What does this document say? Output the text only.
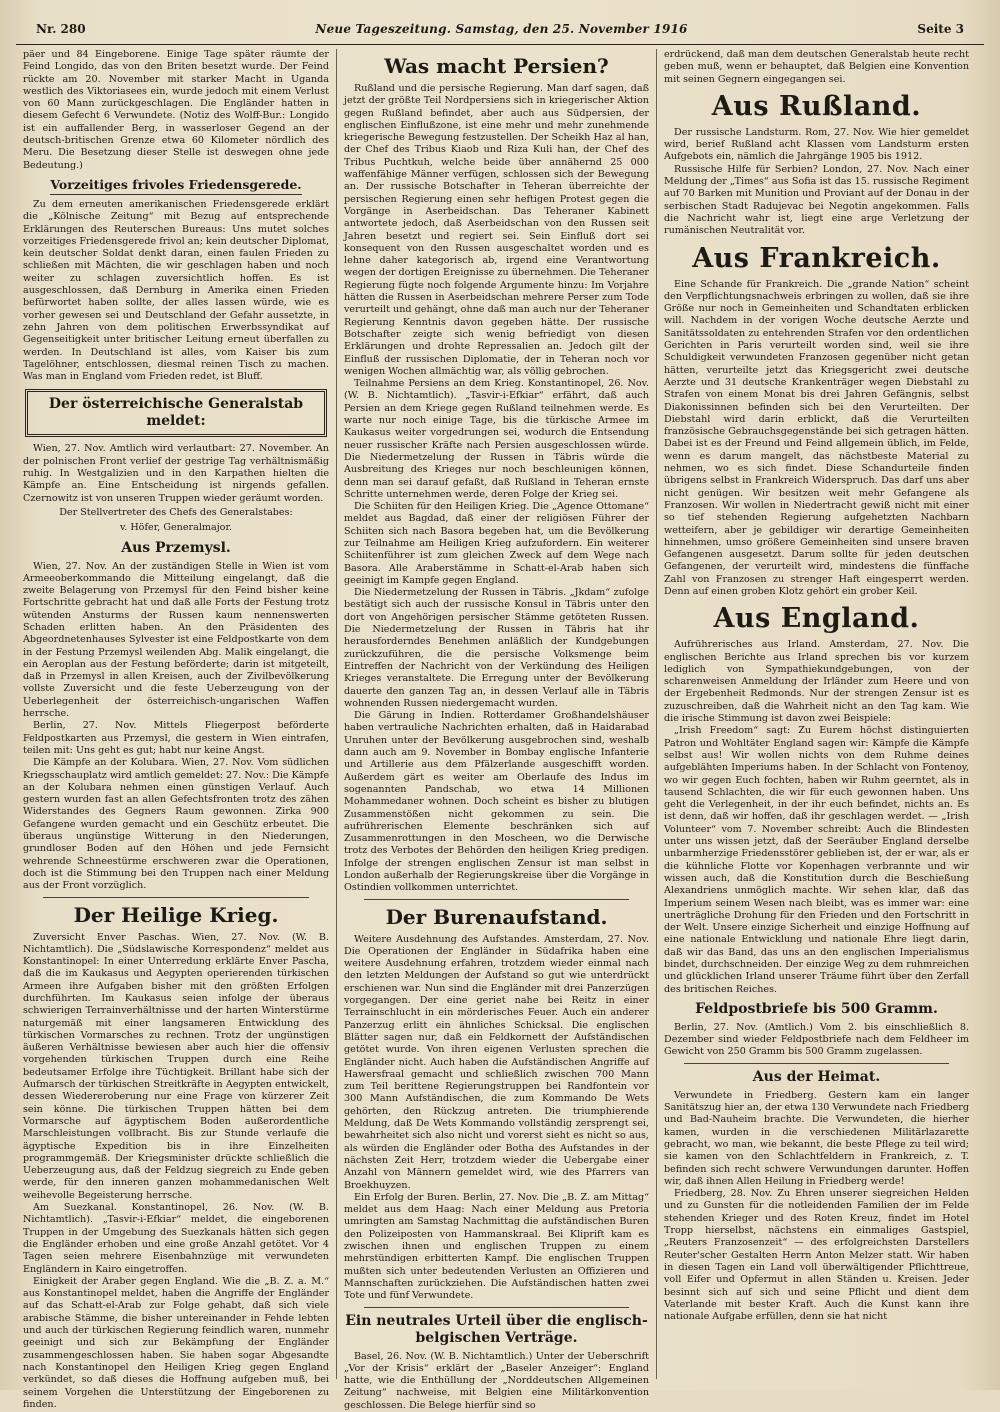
Nr. 280	Neue Tageszeitung. Samstag, den 25. November 1916	Seite 3

päer und 84 Eingeborene. Einige Tage später räumte der Feind Longido, das von den Briten besetzt wurde. Der Feind rückte am 20. November mit starker Macht in Uganda westlich des Viktoriasees ein, wurde jedoch mit einem Verlust von 60 Mann zurückgeschlagen. Die Engländer hatten in diesem Gefecht 6 Verwundete. (Notiz des Wolff-Bur.: Longido ist ein auffallender Berg, in wasserloser Gegend an der deutsch-britischen Grenze etwa 60 Kilometer nördlich des Meru. Die Besetzung dieser Stelle ist deswegen ohne jede Bedeutung.)

Vorzeitiges frivoles Friedensgerede.

Zu dem erneuten amerikanischen Friedensgerede erklärt die „Kölnische Zeitung“ mit Bezug auf entsprechende Erklärungen des Reuterschen Bureaus: Uns mutet solches vorzeitiges Friedensgerede frivol an; kein deutscher Diplomat, kein deutscher Soldat denkt daran, einen faulen Frieden zu schließen mit Mächten, die wir geschlagen haben und noch weiter zu schlagen zuversichtlich hoffen. Es ist ausgeschlossen, daß Dernburg in Amerika einen Frieden befürwortet haben sollte, der alles lassen würde, wie es vorher gewesen sei und Deutschland der Gefahr aussetzte, in zehn Jahren von dem politischen Erwerbssyndikat auf Gegenseitigkeit unter britischer Leitung erneut überfallen zu werden. In Deutschland ist alles, vom Kaiser bis zum Tagelöhner, entschlossen, diesmal reinen Tisch zu machen. Was man in England vom Frieden redet, ist Bluff.

Der österreichische Generalstab meldet:

Wien, 27. Nov. Amtlich wird verlautbart: 27. November. An der polnischen Front verlief der gestrige Tag verhältnismäßig ruhig. In Westgalizien und in den Karpathen hielten die Kämpfe an. Eine Entscheidung ist nirgends gefallen. Czernowitz ist von unseren Truppen wieder geräumt worden.

Der Stellvertreter des Chefs des Generalstabes:
v. Höfer, Generalmajor.
Aus Przemysl.

Wien, 27. Nov. An der zuständigen Stelle in Wien ist vom Armeeoberkommando die Mitteilung eingelangt, daß die zweite Belagerung von Przemysl für den Feind bisher keine Fortschritte gebracht hat und daß alle Forts der Festung trotz wütenden Ansturms der Russen kaum nennenswerten Schaden erlitten haben. An den Präsidenten des Abgeordnetenhauses Sylvester ist eine Feldpostkarte von dem in der Festung Przemysl weilenden Abg. Malik eingelangt, die ein Aeroplan aus der Festung beförderte; darin ist mitgeteilt, daß in Przemysl in allen Kreisen, auch der Zivilbevölkerung vollste Zuversicht und die feste Ueberzeugung von der Ueberlegenheit der österreichisch-ungarischen Waffen herrsche.

Berlin, 27. Nov. Mittels Fliegerpost beförderte Feldpostkarten aus Przemysl, die gestern in Wien eintrafen, teilen mit: Uns geht es gut; habt nur keine Angst.

Die Kämpfe an der Kolubara. Wien, 27. Nov. Vom südlichen Kriegsschauplatz wird amtlich gemeldet: 27. Nov.: Die Kämpfe an der Kolubara nehmen einen günstigen Verlauf. Auch gestern wurden fast an allen Gefechtsfronten trotz des zähen Widerstandes des Gegners Raum gewonnen. Zirka 900 Gefangene wurden gemacht und ein Geschütz erbeutet. Die überaus ungünstige Witterung in den Niederungen, grundloser Boden auf den Höhen und jede Fernsicht wehrende Schneestürme erschweren zwar die Operationen, doch ist die Stimmung bei den Truppen nach einer Meldung aus der Front vorzüglich.

Der Heilige Krieg.

Zuversicht Enver Paschas. Wien, 27. Nov. (W. B. Nichtamtlich). Die „Südslawische Korrespondenz“ meldet aus Konstantinopel: In einer Unterredung erklärte Enver Pascha, daß die im Kaukasus und Aegypten operierenden türkischen Armeen ihre Aufgaben bisher mit den größten Erfolgen durchführten. Im Kaukasus seien infolge der überaus schwierigen Terrainverhältnisse und der harten Winterstürme naturgemäß mit einer langsameren Entwicklung des türkischen Vormarsches zu rechnen. Trotz der ungünstigen äußeren Verhältnisse bewiesen aber auch hier die offensiv vorgehenden türkischen Truppen durch eine Reihe bedeutsamer Erfolge ihre Tüchtigkeit. Brillant habe sich der Aufmarsch der türkischen Streitkräfte in Aegypten entwickelt, dessen Wiedereroberung nur eine Frage von kürzerer Zeit sein könne. Die türkischen Truppen hätten bei dem Vormarsche auf ägyptischem Boden außerordentliche Marschleistungen vollbracht. Bis zur Stunde verlaufe die ägyptische Expedition bis in ihre Einzelheiten programmgemäß. Der Kriegsminister drückte schließlich die Ueberzeugung aus, daß der Feldzug siegreich zu Ende geben werde, für den inneren ganzen mohammedanischen Welt weihevolle Begeisterung herrsche.

Am Suezkanal. Konstantinopel, 26. Nov. (W. B. Nichtamtlich). „Tasvir-i-Efkiar“ meldet, die eingeborenen Truppen in der Umgebung des Suezkanals hätten sich gegen die Engländer erhoben und eine große Anzahl getötet. Vor 4 Tagen seien mehrere Eisenbahnzüge mit verwundeten Engländern in Kairo eingetroffen.

Einigkeit der Araber gegen England. Wie die „B. Z. a. M.“ aus Konstantinopel meldet, haben die Angriffe der Engländer auf das Schatt-el-Arab zur Folge gehabt, daß sich viele arabische Stämme, die bisher untereinander in Fehde lebten und auch der türkischen Regierung feindlich waren, nunmehr geeinigt und sich zur Bekämpfung der Engländer zusammengeschlossen haben. Sie haben sogar Abgesandte nach Konstantinopel den Heiligen Krieg gegen England verkündet, so daß dieses die Hoffnung aufgeben muß, bei seinem Vorgehen die Unterstützung der Eingeborenen zu finden.

Was macht Persien?

Rußland und die persische Regierung. Man darf sagen, daß jetzt der größte Teil Nordpersiens sich in kriegerischer Aktion gegen Rußland befindet, aber auch aus Südpersien, der englischen Einflußzone, ist eine mehr und mehr zunehmende kriegerische Bewegung festzustellen. Der Scheikh Haz al han, der Chef des Tribus Kiaob und Riza Kuli han, der Chef des Tribus Puchtkuh, welche beide über annähernd 25 000 waffenfähige Männer verfügen, schlossen sich der Bewegung an. Der russische Botschafter in Teheran überreichte der persischen Regierung einen sehr heftigen Protest gegen die Vorgänge in Aserbeidschan. Das Teheraner Kabinett antwortete jedoch, daß Aserbeidschan von den Russen seit Jahren besetzt und regiert sei. Sein Einfluß dort sei konsequent von den Russen ausgeschaltet worden und es lehne daher kategorisch ab, irgend eine Verantwortung wegen der dortigen Ereignisse zu übernehmen. Die Teheraner Regierung fügte noch folgende Argumente hinzu: Im Vorjahre hätten die Russen in Aserbeidschan mehrere Perser zum Tode verurteilt und gehängt, ohne daß man auch nur der Teheraner Regierung Kenntnis davon gegeben hätte. Der russische Botschafter zeigte sich wenig befriedigt von diesen Erklärungen und drohte Repressalien an. Jedoch gilt der Einfluß der russischen Diplomatie, der in Teheran noch vor wenigen Wochen allmächtig war, als völlig gebrochen.

Teilnahme Persiens an dem Krieg. Konstantinopel, 26. Nov. (W. B. Nichtamtlich). „Tasvir-i-Efkiar“ erfährt, daß auch Persien an dem Kriege gegen Rußland teilnehmen werde. Es warte nur noch einige Tage, bis die türkische Armee im Kaukasus weiter vorgedrungen sei, wodurch die Entsendung neuer russischer Kräfte nach Persien ausgeschlossen würde. Die Niedermetzelung der Russen in Täbris würde die Ausbreitung des Krieges nur noch beschleunigen können, denn man sei darauf gefaßt, daß Rußland in Teheran ernste Schritte unternehmen werde, deren Folge der Krieg sei.

Die Schiiten für den Heiligen Krieg. Die „Agence Ottomane“ meldet aus Bagdad, daß einer der religiösen Führer der Schiiten sich nach Basora begeben hat, um die Bevölkerung zur Teilnahme am Heiligen Krieg aufzufordern. Ein weiterer Schiitenführer ist zum gleichen Zweck auf dem Wege nach Basora. Alle Araberstämme in Schatt-el-Arab haben sich geeinigt im Kampfe gegen England.

Die Niedermetzelung der Russen in Täbris. „Jkdam“ zufolge bestätigt sich auch der russische Konsul in Täbris unter den dort von Angehörigen persischer Stämme getöteten Russen. Die Niedermetzelung der Russen in Täbris hat ihr herausforderndes Benehmen anläßlich der Kundgebungen zurückzuführen, die die persische Volksmenge beim Eintreffen der Nachricht von der Verkündung des Heiligen Krieges veranstaltete. Die Erregung unter der Bevölkerung dauerte den ganzen Tag an, in dessen Verlauf alle in Täbris wohnenden Russen niedergemacht wurden.

Die Gärung in Indien. Rotterdamer Großhandelshäuser haben vertrauliche Nachrichten erhalten, daß in Haidarabad Unruhen unter der Bevölkerung ausgebrochen sind, weshalb dann auch am 9. November in Bombay englische Infanterie und Artillerie aus dem Pfälzerlande ausgeschifft worden. Außerdem gärt es weiter am Oberlaufe des Indus im sogenannten Pandschab, wo etwa 14 Millionen Mohammedaner wohnen. Doch scheint es bisher zu blutigen Zusammenstößen nicht gekommen zu sein. Die aufrührerischen Elemente beschränken sich auf Zusammenrottungen in den Moscheen, wo die Derwische trotz des Verbotes der Behörden den heiligen Krieg predigen. Infolge der strengen englischen Zensur ist man selbst in London außerhalb der Regierungskreise über die Vorgänge in Ostindien vollkommen unterrichtet.

Der Burenaufstand.

Weitere Ausdehnung des Aufstandes. Amsterdam, 27. Nov. Die Operationen der Engländer in Südafrika haben eine weitere Ausdehnung erfahren, trotzdem wieder einmal nach den letzten Meldungen der Aufstand so gut wie unterdrückt erschienen war. Nun sind die Engländer mit drei Panzerzügen vorgegangen. Der eine geriet nahe bei Reitz in einer Terrainschlucht in ein mörderisches Feuer. Auch ein anderer Panzerzug erlitt ein ähnliches Schicksal. Die englischen Blätter sagen nur, daß ein Feldkornett der Aufständischen getötet wurde. Von ihren eigenen Verlusten sprechen die Engländer nicht. Auch haben die Aufständischen Angriffe auf Hawersfraal gemacht und schließlich zwischen 700 Mann zum Teil berittene Regierungstruppen bei Randfontein vor 300 Mann Aufständischen, die zum Kommando De Wets gehörten, den Rückzug antreten. Die triumphierende Meldung, daß De Wets Kommando vollständig zersprengt sei, bewahrheitet sich also nicht und vorerst sieht es nicht so aus, als würden die Engländer oder Botha des Aufstandes in der nächsten Zeit Herr, trotzdem wieder die Uebergabe einer Anzahl von Männern gemeldet wird, wie des Pfarrers van Broekhuyzen.

Ein Erfolg der Buren. Berlin, 27. Nov. Die „B. Z. am Mittag“ meldet aus dem Haag: Nach einer Meldung aus Pretoria umringten am Samstag Nachmittag die aufständischen Buren den Polizeiposten von Hammanskraal. Bei Kliprift kam es zwischen ihnen und englischen Truppen zu einem mehrstündigen erbitterten Kampf. Die englischen Truppen mußten sich unter bedeutenden Verlusten an Offizieren und Mannschaften zurückziehen. Die Aufständischen hatten zwei Tote und fünf Verwundete.

Ein neutrales Urteil über die englisch-belgischen Verträge.

Basel, 26. Nov. (W. B. Nichtamtlich.) Unter der Ueberschrift „Vor der Krisis“ erklärt der „Baseler Anzeiger“: England hatte, wie die Enthüllung der „Norddeutschen Allgemeinen Zeitung“ nachweise, mit Belgien eine Militärkonvention geschlossen. Die Belege hierfür sind so

erdrückend, daß man dem deutschen Generalstab heute recht geben muß, wenn er behauptet, daß Belgien eine Konvention mit seinen Gegnern eingegangen sei.

Aus Rußland.

Der russische Landsturm. Rom, 27. Nov. Wie hier gemeldet wird, berief Rußland acht Klassen vom Landsturm ersten Aufgebots ein, nämlich die Jahrgänge 1905 bis 1912.

Russische Hilfe für Serbien? London, 27. Nov. Nach einer Meldung der „Times“ aus Sofia ist das 15. russische Regiment auf 70 Barken mit Munition und Proviant auf der Donau in der serbischen Stadt Radujevac bei Negotin angekommen. Falls die Nachricht wahr ist, liegt eine arge Verletzung der rumänischen Neutralität vor.

Aus Frankreich.

Eine Schande für Frankreich. Die „grande Nation“ scheint den Verpflichtungsnachweis erbringen zu wollen, daß sie ihre Größe nur noch in Gemeinheiten und Schandtaten erblicken will. Nachdem in der vorigen Woche deutsche Aerzte und Sanitätssoldaten zu entehrenden Strafen vor den ordentlichen Gerichten in Paris verurteilt worden sind, weil sie ihre Schuldigkeit verwundeten Franzosen gegenüber nicht getan hätten, verurteilte jetzt das Kriegsgericht zwei deutsche Aerzte und 31 deutsche Krankenträger wegen Diebstahl zu Strafen von einem Monat bis drei Jahren Gefängnis, selbst Diakonissinnen befinden sich bei den Verurteilten. Der Diebstahl wird darin erblickt, daß die Verurteilten französische Gebrauchsgegenstände bei sich getragen hätten. Dabei ist es der Freund und Feind allgemein üblich, im Felde, wenn es darum mangelt, das nächstbeste Material zu nehmen, wo es sich findet. Diese Schandurteile finden übrigens selbst in Frankreich Widerspruch. Das darf uns aber nicht genügen. Wir besitzen weit mehr Gefangene als Franzosen. Wir wollen in Niedertracht gewiß nicht mit einer so tief stehenden Regierung aufgehetzten Nachbarn wetteifern, aber je gebildiger wir derartige Gemeinheiten hinnehmen, umso größere Gemeinheiten sind unsere braven Gefangenen ausgesetzt. Darum sollte für jeden deutschen Gefangenen, der verurteilt wird, mindestens die fünffache Zahl von Franzosen zu strenger Haft eingesperrt werden. Denn auf einen groben Klotz gehört ein grober Keil.

Aus England.

Aufrührerisches aus Irland. Amsterdam, 27. Nov. Die englischen Berichte aus Irland sprechen bis vor kurzem lediglich von Sympathiekundgebungen, von der scharenweisen Anmeldung der Irländer zum Heere und von der Ergebenheit Redmonds. Nur der strengen Zensur ist es zuzuschreiben, daß die Wahrheit nicht an den Tag kam. Wie die irische Stimmung ist davon zwei Beispiele:

„Irish Freedom“ sagt: Zu Eurem höchst distinguierten Patron und Wohltäter England sagen wir: Kämpfe die Kämpfe selbst aus! Wir wollen nichts von dem Ruhme deines aufgeblähten Imperiums haben. In der Schlacht von Fontenoy, wo wir gegen Euch fochten, haben wir Ruhm geerntet, als in tausend Schlachten, die wir für euch gewonnen haben. Uns geht die Verlegenheit, in der ihr euch befindet, nichts an. Es ist denn, daß wir hoffen, daß ihr geschlagen werdet. — „Irish Volunteer“ vom 7. November schreibt: Auch die Blindesten unter uns wissen jetzt, daß der Seeräuber England derselbe unbarmherzige Friedensstörer geblieben ist, der er war, als er die kühnliche Flotte vor Kopenhagen verbrannte und wir wissen auch, daß die Konstitution durch die Beschießung Alexandriens unmöglich machte. Wir sehen klar, daß das Imperium seinem Wesen nach bleibt, was es immer war: eine unerträgliche Drohung für den Frieden und den Fortschritt in der Welt. Unsere einzige Sicherheit und einzige Hoffnung auf eine nationale Entwicklung und nationale Ehre liegt darin, daß wir das Band, das uns an den englischen Imperialismus bindet, durchschneiden. Der einzige Weg zu dem ruhmreichen und glücklichen Irland unserer Träume führt über den Zerfall des britischen Reiches.

Feldpostbriefe bis 500 Gramm.

Berlin, 27. Nov. (Amtlich.) Vom 2. bis einschließlich 8. Dezember sind wieder Feldpostbriefe nach dem Feldheer im Gewicht von 250 Gramm bis 500 Gramm zugelassen.

Aus der Heimat.

Verwundete in Friedberg. Gestern kam ein langer Sanitätszug hier an, der etwa 130 Verwundete nach Friedberg und Bad-Nauheim brachte. Die Verwundeten, die hierher kamen, wurden in die verschiedenen Militärlazarette gebracht, wo man, wie bekannt, die beste Pflege zu teil wird; sie kamen von den Schlachtfeldern in Frankreich, z. T. befinden sich recht schwere Verwundungen darunter. Hoffen wir, daß ihnen Allen Heilung in Friedberg werde!

Friedberg, 28. Nov. Zu Ehren unserer siegreichen Helden und zu Gunsten für die notleidenden Familien der im Felde stehenden Krieger und des Roten Kreuz, findet im Hotel Tropp hierselbst, nächstens ein einmaliges Gastspiel, „Reuters Franzosenzeit“ — des erfolgreichsten Darstellers Reuter'scher Gestalten Herrn Anton Melzer statt. Wir haben in diesen Tagen ein Land voll überwältigender Pflichttreue, voll Eifer und Opfermut in allen Ständen u. Kreisen. Jeder besinnt sich auf sich und seine Pflicht und dient dem Vaterlande mit bester Kraft. Auch die Kunst kann ihre nationale Aufgabe erfüllen, denn sie hat nicht
